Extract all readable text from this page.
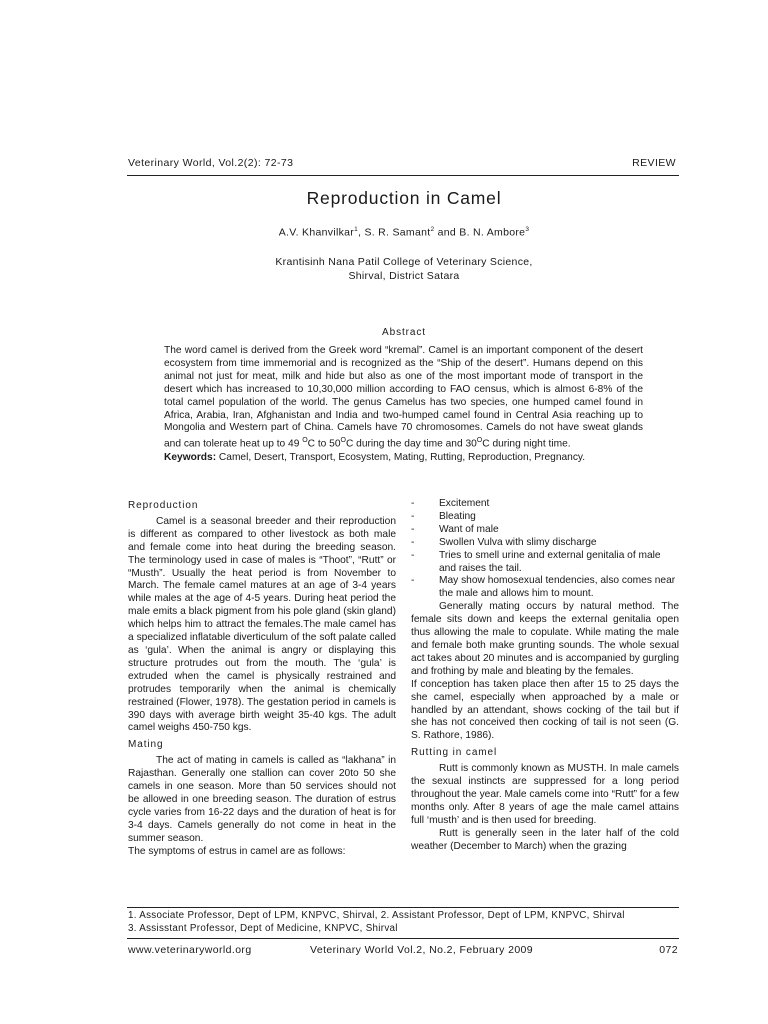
Veterinary World, Vol.2(2): 72-73	REVIEW
Reproduction in Camel
A.V. Khanvilkar$^1$, S. R. Samant$^2$ and B. N. Ambore$^3$
Krantisinh Nana Patil College of Veterinary Science,
Shirval, District Satara
Abstract

The word camel is derived from the Greek word “kremal”. Camel is an important component of the desert ecosystem from time immemorial and is recognized as the “Ship of the desert”. Humans depend on this animal not just for meat, milk and hide but also as one of the most important mode of transport in the desert which has increased to 10,30,000 million according to FAO census, which is almost 6-8% of the total camel population of the world. The genus Camelus has two species, one humped camel found in Africa, Arabia, Iran, Afghanistan and India and two-humped camel found in Central Asia reaching up to Mongolia and Western part of China. Camels have 70 chromosomes. Camels do not have sweat glands and can tolerate heat up to 49 $^O$C to $50^OC$ during the day time and $30^OC$ during night time.

Keywords: Camel, Desert, Transport, Ecosystem, Mating, Rutting, Reproduction, Pregnancy.

Reproduction

Camel is a seasonal breeder and their reproduction is different as compared to other livestock as both male and female come into heat during the breeding season. The terminology used in case of males is “Thoot”, “Rutt” or “Musth”. Usually the heat period is from November to March. The female camel matures at an age of 3-4 years while males at the age of 4-5 years. During heat period the male emits a black pigment from his pole gland (skin gland) which helps him to attract the females.The male camel has a specialized inflatable diverticulum of the soft palate called as ‘gula’. When the animal is angry or displaying this structure protrudes out from the mouth. The ‘gula’ is extruded when the camel is physically restrained and protrudes temporarily when the animal is chemically restrained (Flower, 1978). The gestation period in camels is 390 days with average birth weight 35-40 kgs. The adult camel weighs 450-750 kgs.

Mating

The act of mating in camels is called as “lakhana” in Rajasthan. Generally one stallion can cover 20to 50 she camels in one season. More than 50 services should not be allowed in one breeding season. The duration of estrus cycle varies from 16-22 days and the duration of heat is for 3-4 days. Camels generally do not come in heat in the summer season.

The symptoms of estrus in camel are as follows:

- Excitement
- Bleating
- Want of male
- Swollen Vulva with slimy discharge
- Tries to smell urine and external genitalia of male and raises the tail.
- May show homosexual tendencies, also comes near the male and allows him to mount.

Generally mating occurs by natural method. The female sits down and keeps the external genitalia open thus allowing the male to copulate. While mating the male and female both make grunting sounds. The whole sexual act takes about 20 minutes and is accompanied by gurgling and frothing by male and bleating by the females.

If conception has taken place then after 15 to 25 days the she camel, especially when approached by a male or handled by an attendant, shows cocking of the tail but if she has not conceived then cocking of tail is not seen (G. S. Rathore, 1986).

Rutting in camel

Rutt is commonly known as MUSTH. In male camels the sexual instincts are suppressed for a long period throughout the year. Male camels come into “Rutt” for a few months only. After 8 years of age the male camel attains full ‘musth’ and is then used for breeding.

Rutt is generally seen in the later half of the cold weather (December to March) when the grazing

1. Associate Professor, Dept of LPM, KNPVC, Shirval, 2. Assistant Professor, Dept of LPM, KNPVC, Shirval
3. Assisstant Professor, Dept of Medicine, KNPVC, Shirval
www.veterinaryworld.org	Veterinary World Vol.2, No.2, February 2009	072
